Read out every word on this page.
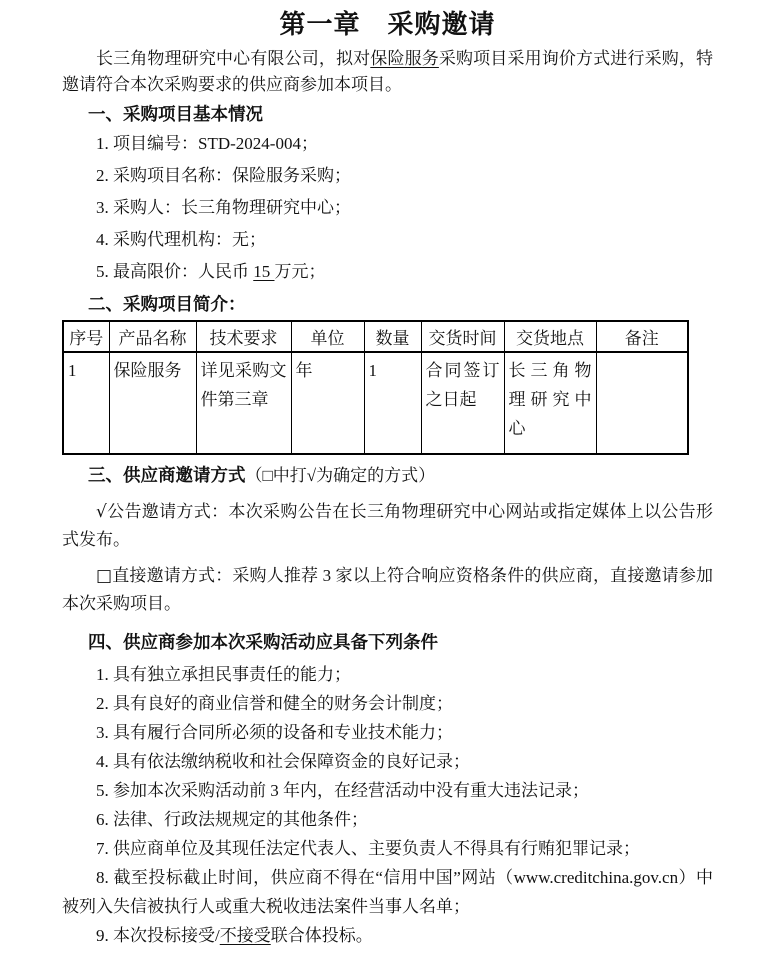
第一章　采购邀请

长三角物理研究中心有限公司，拟对保险服务采购项目采用询价方式进行采购，特邀请符合本次采购要求的供应商参加本项目。

一、采购项目基本情况

1. 项目编号：STD-2024-004；

2. 采购项目名称：保险服务采购；

3. 采购人：长三角物理研究中心；

4. 采购代理机构：无；

5. 最高限价：人民币 15 万元；

二、采购项目简介：
序号	产品名称	技术要求	单位	数量	交货时间	交货地点	备注
1	保险服务	详见采购文件第三章	年	1	合同签订之日起	长三角物理研究中心	
三、供应商邀请方式（□中打√为确定的方式）

√公告邀请方式：本次采购公告在长三角物理研究中心网站或指定媒体上以公告形式发布。

□直接邀请方式：采购人推荐 3 家以上符合响应资格条件的供应商，直接邀请参加本次采购项目。

四、供应商参加本次采购活动应具备下列条件

1. 具有独立承担民事责任的能力；

2. 具有良好的商业信誉和健全的财务会计制度；

3. 具有履行合同所必须的设备和专业技术能力；

4. 具有依法缴纳税收和社会保障资金的良好记录；

5. 参加本次采购活动前 3 年内，在经营活动中没有重大违法记录；

6. 法律、行政法规规定的其他条件；

7. 供应商单位及其现任法定代表人、主要负责人不得具有行贿犯罪记录；

8. 截至投标截止时间，供应商不得在“信用中国”网站（www.creditchina.gov.cn）中被列入失信被执行人或重大税收违法案件当事人名单；

9. 本次投标接受/不接受联合体投标。
